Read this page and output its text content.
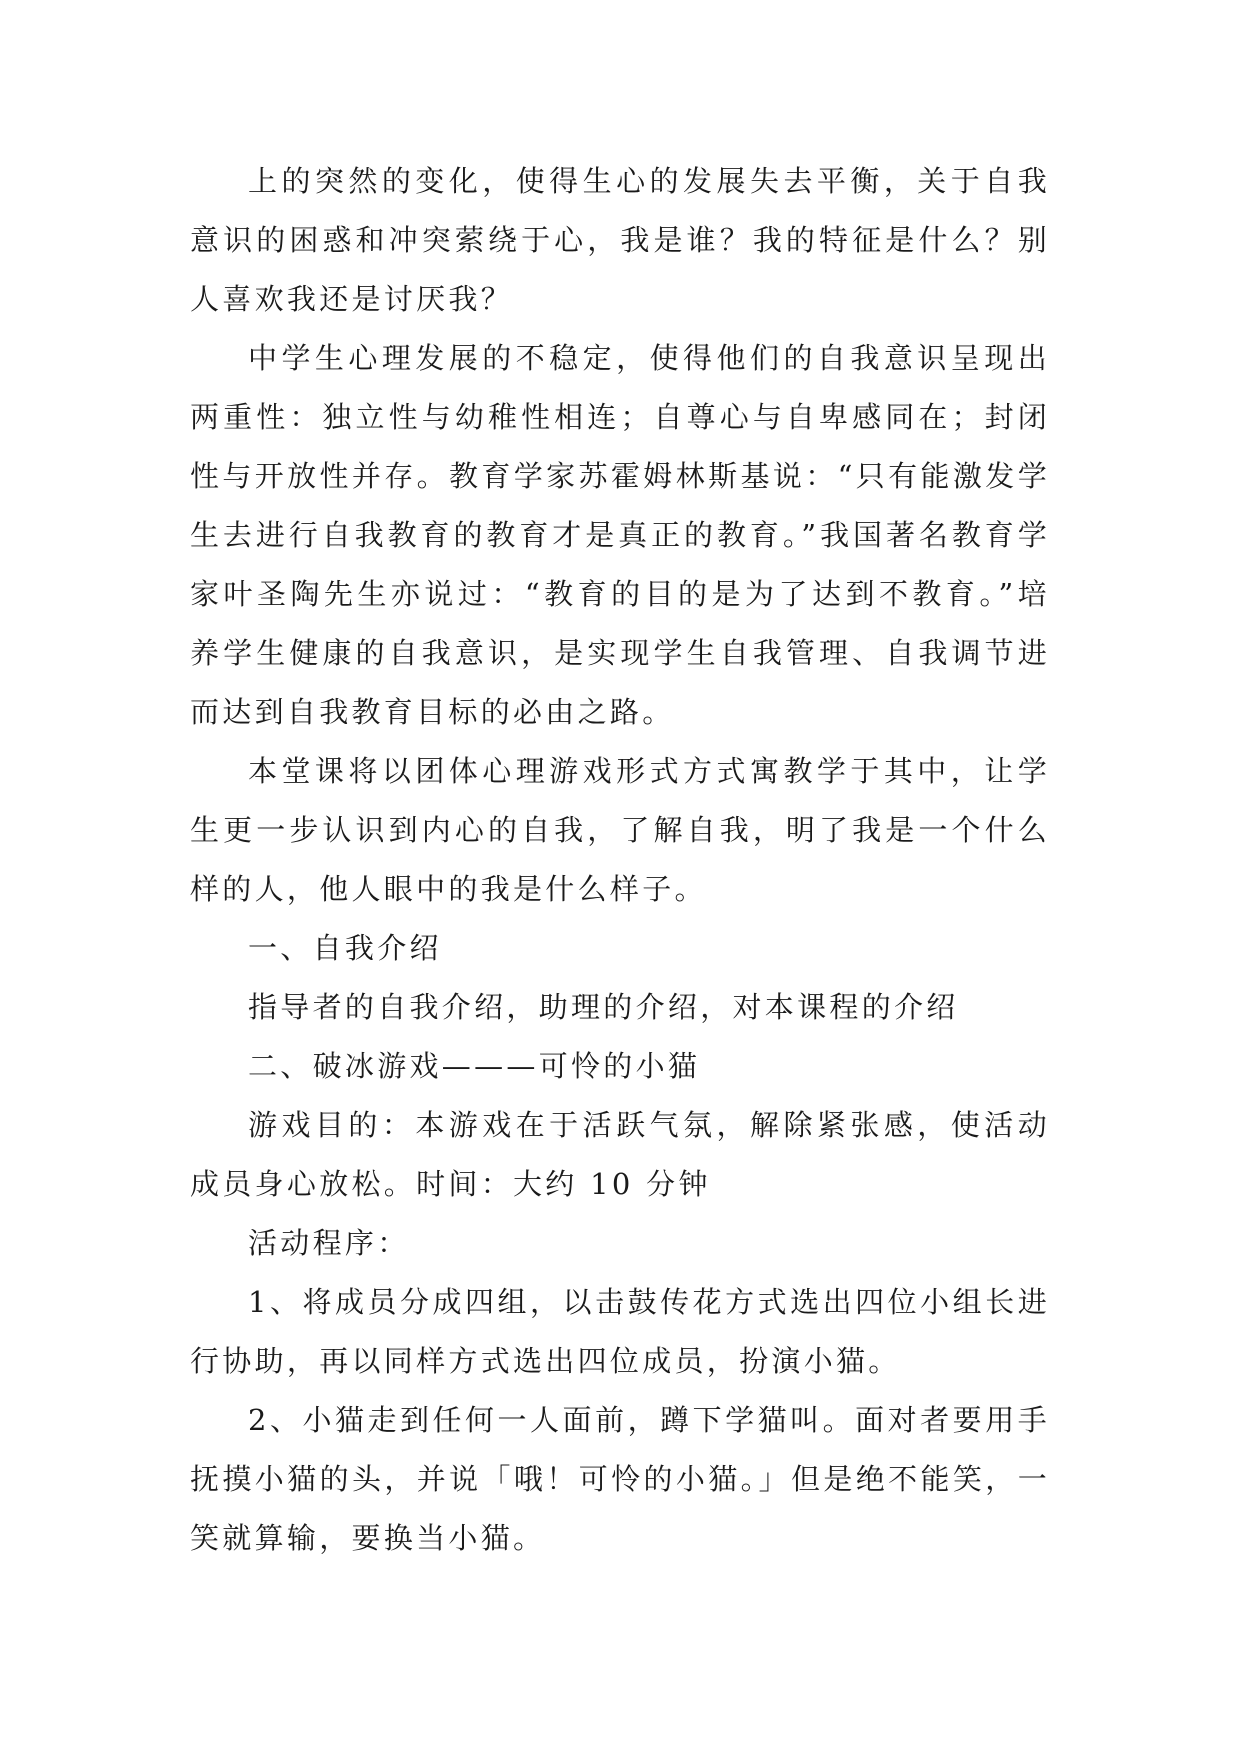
上的突然的变化，使得生心的发展失去平衡，关于自我意识的困惑和冲突萦绕于心，我是谁？我的特征是什么？别人喜欢我还是讨厌我？

中学生心理发展的不稳定，使得他们的自我意识呈现出两重性：独立性与幼稚性相连；自尊心与自卑感同在；封闭性与开放性并存。教育学家苏霍姆林斯基说：“只有能激发学生去进行自我教育的教育才是真正的教育。”我国著名教育学家叶圣陶先生亦说过：“教育的目的是为了达到不教育。”培养学生健康的自我意识，是实现学生自我管理、自我调节进而达到自我教育目标的必由之路。

本堂课将以团体心理游戏形式方式寓教学于其中，让学生更一步认识到内心的自我，了解自我，明了我是一个什么样的人，他人眼中的我是什么样子。

一、自我介绍

指导者的自我介绍，助理的介绍，对本课程的介绍

二、破冰游戏———可怜的小猫

游戏目的：本游戏在于活跃气氛，解除紧张感，使活动成员身心放松。时间：大约 10 分钟

活动程序：

1、将成员分成四组，以击鼓传花方式选出四位小组长进行协助，再以同样方式选出四位成员，扮演小猫。

2、小猫走到任何一人面前，蹲下学猫叫。面对者要用手抚摸小猫的头，并说「哦！可怜的小猫。」但是绝不能笑，一笑就算输，要换当小猫。
